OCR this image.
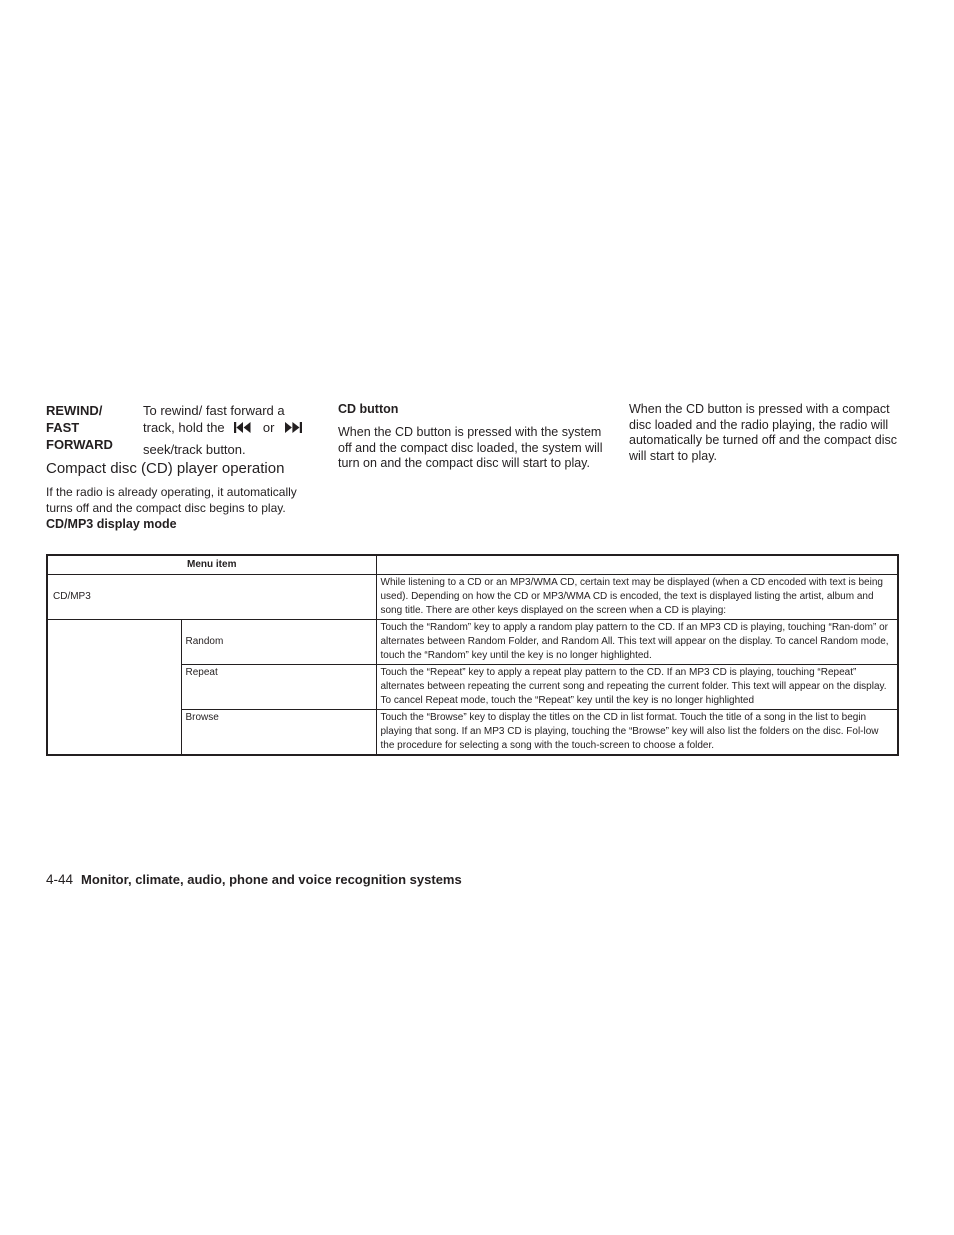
REWIND/
FAST
FORWARD
To rewind/ fast forward a
track, hold the	or
seek/track button.
Compact disc (CD) player operation
If the radio is already operating, it automatically turns off and the compact disc begins to play.
CD/MP3 display mode
CD button
When the CD button is pressed with the system off and the compact disc loaded, the system will turn on and the compact disc will start to play.
When the CD button is pressed with a compact disc loaded and the radio playing, the radio will automatically be turned off and the compact disc will start to play.
Menu item		
CD/MP3		While listening to a CD or an MP3/WMA CD, certain text may be displayed (when a CD encoded with text is being used). Depending on how the CD or MP3/WMA CD is encoded, the text is displayed listing the artist, album and song title. There are other keys displayed on the screen when a CD is playing:
	Random	Touch the “Random” key to apply a random play pattern to the CD. If an MP3 CD is playing, touching “Ran-dom” or alternates between Random Folder, and Random All. This text will appear on the display. To cancel Random mode, touch the “Random” key until the key is no longer highlighted.
	Repeat	Touch the “Repeat” key to apply a repeat play pattern to the CD. If an MP3 CD is playing, touching “Repeat” alternates between repeating the current song and repeating the current folder. This text will appear on the display. To cancel Repeat mode, touch the “Repeat” key until the key is no longer highlighted
	Browse	Touch the “Browse” key to display the titles on the CD in list format. Touch the title of a song in the list to begin playing that song. If an MP3 CD is playing, touching the “Browse” key will also list the folders on the disc. Fol-low the procedure for selecting a song with the touch-screen to choose a folder.
4-44 Monitor, climate, audio, phone and voice recognition systems
